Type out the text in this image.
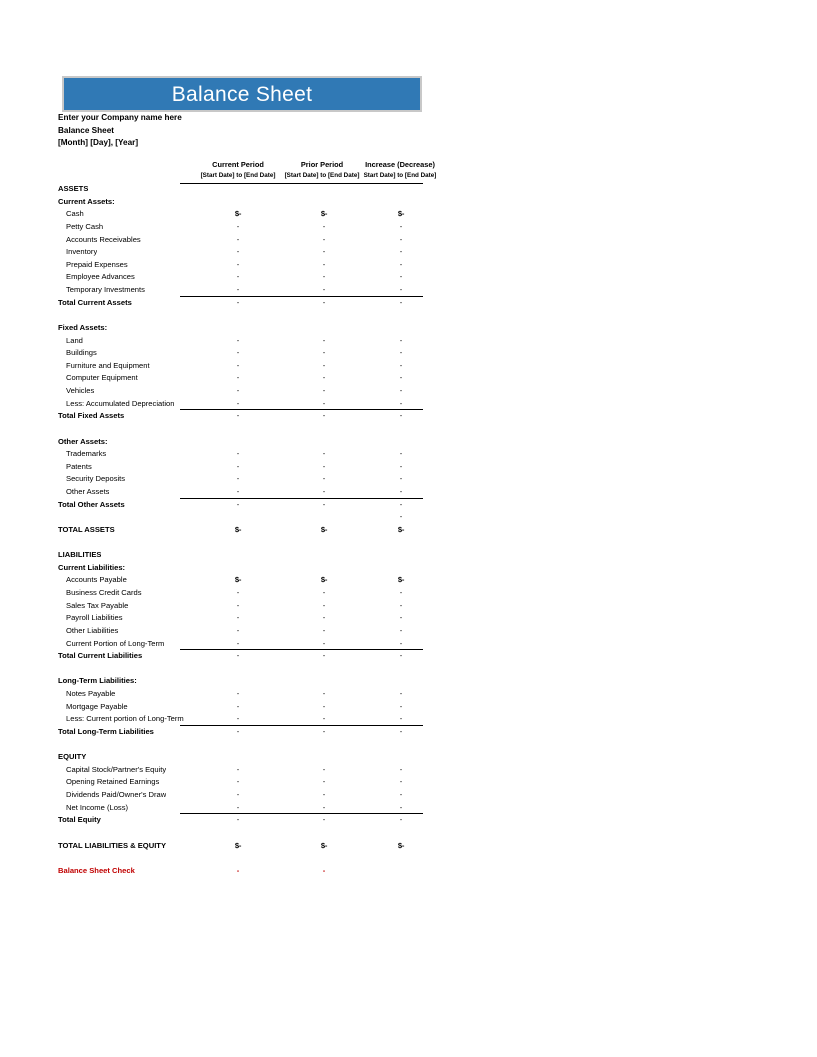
Balance Sheet
Enter your Company name here
Balance Sheet
[Month] [Day], [Year]
Current Period
[Start Date] to [End Date]
Prior Period
[Start Date] to [End Date]
Increase (Decrease)
Start Date] to [End Date]
ASSETS
Current Assets:
Cash	$-	$-	$-
Petty Cash	-	-	-
Accounts Receivables	-	-	-
Inventory	-	-	-
Prepaid Expenses	-	-	-
Employee Advances	-	-	-
Temporary Investments	-	-	-
Total Current Assets	-	-	-
Fixed Assets:
Land	-	-	-
Buildings	-	-	-
Furniture and Equipment	-	-	-
Computer Equipment	-	-	-
Vehicles	-	-	-
Less: Accumulated Depreciation	-	-	-
Total Fixed Assets	-	-	-
Other Assets:
Trademarks	-	-	-
Patents	-	-	-
Security Deposits	-	-	-
Other Assets	-	-	-
Total Other Assets	-	-	-
-
TOTAL ASSETS	$-	$-	$-
LIABILITIES
Current Liabilities:
Accounts Payable	$-	$-	$-
Business Credit Cards	-	-	-
Sales Tax Payable	-	-	-
Payroll Liabilities	-	-	-
Other Liabilities	-	-	-
Current Portion of Long-Term	-	-	-
Total Current Liabilities	-	-	-
Long-Term Liabilities:
Notes Payable	-	-	-
Mortgage Payable	-	-	-
Less: Current portion of Long-Term	-	-	-
Total Long-Term Liabilities	-	-	-
EQUITY
Capital Stock/Partner's Equity	-	-	-
Opening Retained Earnings	-	-	-
Dividends Paid/Owner's Draw	-	-	-
Net Income (Loss)	-	-	-
Total Equity	-	-	-
TOTAL LIABILITIES & EQUITY	$-	$-	$-
Balance Sheet Check	-	-
